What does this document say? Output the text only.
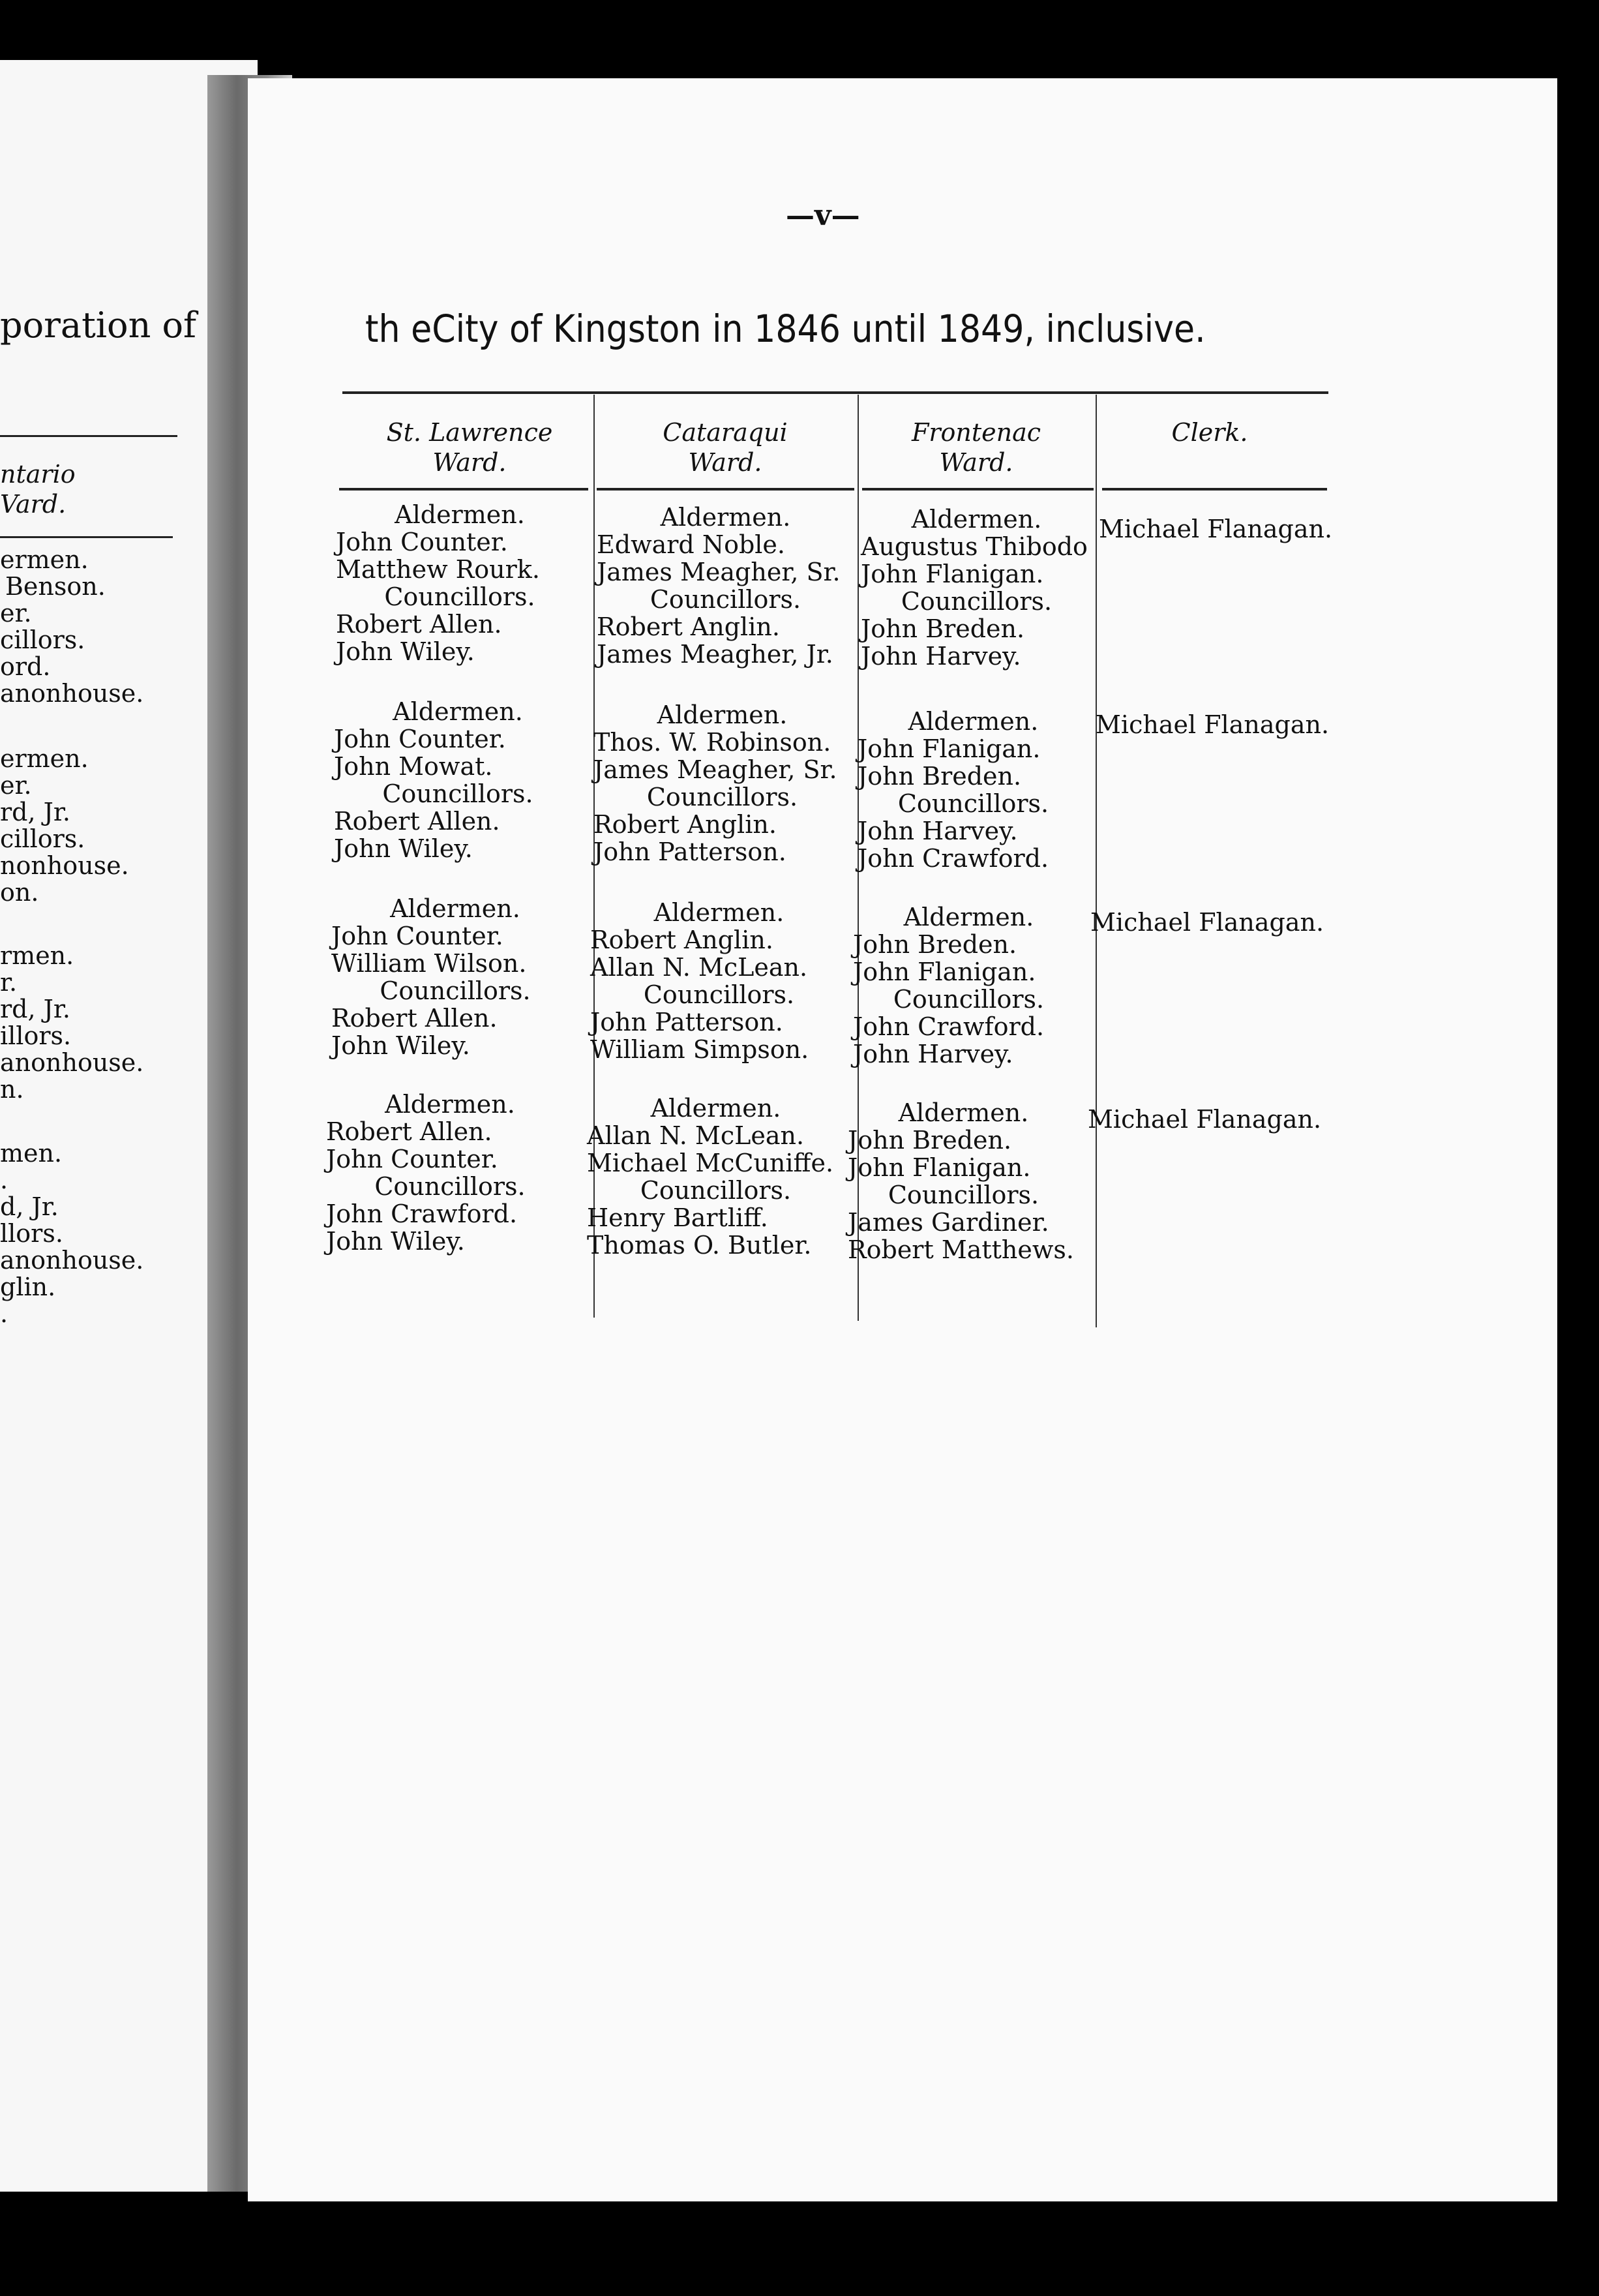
poration of
ntario
Vard.
ermen.
Benson.
er.
cillors.
ord.
anonhouse.
ermen.
er.
rd, Jr.
cillors.
nonhouse.
on.
rmen.
r.
rd, Jr.
illors.
anonhouse.
n.
men.
.
d, Jr.
llors.
anonhouse.
glin.
.
—v—
th eCity of Kingston in 1846 until 1849, inclusive.
St. Lawrence
Ward.
Cataraqui
Ward.
Frontenac
Ward.
Clerk.
Aldermen.
John Counter.
Matthew Rourk.
Councillors.
Robert Allen.
John Wiley.
Aldermen.
Edward Noble.
James Meagher, Sr.
Councillors.
Robert Anglin.
James Meagher, Jr.
Aldermen.
Augustus Thibodo
John Flanigan.
Councillors.
John Breden.
John Harvey.
Michael Flanagan.
Aldermen.
John Counter.
John Mowat.
Councillors.
Robert Allen.
John Wiley.
Aldermen.
Thos. W. Robinson.
James Meagher, Sr.
Councillors.
Robert Anglin.
John Patterson.
Aldermen.
John Flanigan.
John Breden.
Councillors.
John Harvey.
John Crawford.
Michael Flanagan.
Aldermen.
John Counter.
William Wilson.
Councillors.
Robert Allen.
John Wiley.
Aldermen.
Robert Anglin.
Allan N. McLean.
Councillors.
John Patterson.
William Simpson.
Aldermen.
John Breden.
John Flanigan.
Councillors.
John Crawford.
John Harvey.
Michael Flanagan.
Aldermen.
Robert Allen.
John Counter.
Councillors.
John Crawford.
John Wiley.
Aldermen.
Allan N. McLean.
Michael McCuniffe.
Councillors.
Henry Bartliff.
Thomas O. Butler.
Aldermen.
John Breden.
John Flanigan.
Councillors.
James Gardiner.
Robert Matthews.
Michael Flanagan.
